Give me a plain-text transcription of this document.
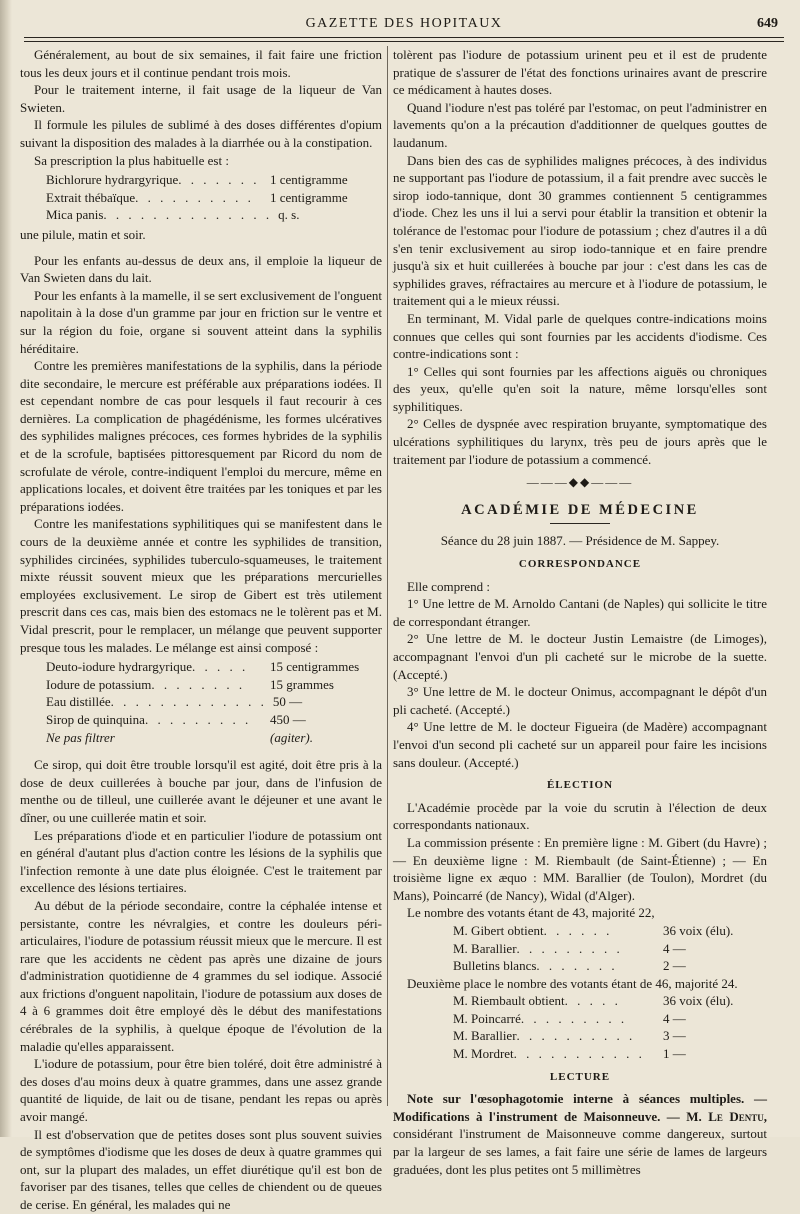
GAZETTE DES HOPITAUX	649

Généralement, au bout de six semaines, il fait faire une friction tous les deux jours et il continue pendant trois mois.

Pour le traitement interne, il fait usage de la liqueur de Van Swieten.

Il formule les pilules de sublimé à des doses différentes d'opium suivant la disposition des malades à la diarrhée ou à la constipation.

Sa prescription la plus habituelle est :

Bichlorure hydrargyrique . . . . . . . 1 centigramme
Extrait thébaïque . . . . . . . . . .	1 centigramme
Mica panis . . . . . . . . . . . . . . q. s.

une pilule, matin et soir.

Pour les enfants au-dessus de deux ans, il emploie la liqueur de Van Swieten dans du lait.

Pour les enfants à la mamelle, il se sert exclusivement de l'onguent napolitain à la dose d'un gramme par jour en friction sur le ventre et sur la région du foie, organe si souvent atteint dans la syphilis héréditaire.

Contre les premières manifestations de la syphilis, dans la période dite secondaire, le mercure est préférable aux préparations iodées. Il est cependant nombre de cas pour lesquels il faut recourir à ces dernières. La complication de phagédénisme, les formes ulcératives des syphilides malignes précoces, ces formes hybrides de la syphilis et de la scrofule, baptisées pittoresquement par Ricord du nom de scrofulate de vérole, contre-indiquent l'emploi du mercure, même en applications locales, et doivent être traitées par les toniques et par les préparations iodées.

Contre les manifestations syphilitiques qui se manifestent dans le cours de la deuxième année et contre les syphilides de transition, syphilides circinées, syphilides tuberculo-squameuses, le traitement mixte réussit souvent mieux que les préparations mercurielles employées exclusivement. Le sirop de Gibert est très utilement prescrit dans ces cas, mais bien des estomacs ne le tolèrent pas et M. Vidal prescrit, pour le remplacer, un mélange que peuvent supporter presque tous les malades. Le mélange est ainsi composé :

Deuto-iodure hydrargyrique . . . . .	15 centigrammes
Iodure de potassium . . . . . . . .	15 grammes
Eau distillée . . . . . . . . . . . . . 50 —
Sirop de quinquina . . . . . . . . .	450 —
Ne pas filtrer	(agiter).

Ce sirop, qui doit être trouble lorsqu'il est agité, doit être pris à la dose de deux cuillerées à bouche par jour, dans de l'infusion de menthe ou de tilleul, une cuillerée avant le déjeuner et une avant le dîner, ou une cuillerée matin et soir.

Les préparations d'iode et en particulier l'iodure de potassium ont en général d'autant plus d'action contre les lésions de la syphilis que l'infection remonte à une date plus éloignée. C'est le traitement par excellence des lésions tertiaires.

Au début de la période secondaire, contre la céphalée intense et persistante, contre les névralgies, et contre les douleurs péri-articulaires, l'iodure de potassium réussit mieux que le mercure. Il est rare que les accidents ne cèdent pas après une dizaine de jours d'administration quotidienne de 4 grammes du sel iodique. Associé aux frictions d'onguent napolitain, l'iodure de potassium aux doses de 4 à 6 grammes doit être employé dès le début des manifestations cérébrales de la syphilis, à quelque époque de l'évolution de la maladie qu'elles apparaissent.

L'iodure de potassium, pour être bien toléré, doit être administré à des doses d'au moins deux à quatre grammes, dans une assez grande quantité de liquide, de lait ou de tisane, pendant les repas ou après avoir mangé.

Il est d'observation que de petites doses sont plus souvent suivies de symptômes d'iodisme que les doses de deux à quatre grammes qui ont, sur la plupart des malades, un effet diurétique qu'il est bon de favoriser par des tisanes, telles que celles de chiendent ou de queues de cerise. En général, les malades qui ne

tolèrent pas l'iodure de potassium urinent peu et il est de prudente pratique de s'assurer de l'état des fonctions urinaires avant de prescrire ce médicament à hautes doses.

Quand l'iodure n'est pas toléré par l'estomac, on peut l'administrer en lavements qu'on a la précaution d'additionner de quelques gouttes de laudanum.

Dans bien des cas de syphilides malignes précoces, à des individus ne supportant pas l'iodure de potassium, il a fait prendre avec succès le sirop iodo-tannique, dont 30 grammes contiennent 5 centigrammes d'iode. Chez les uns il lui a servi pour établir la transition et obtenir la tolérance de l'estomac pour l'iodure de potassium ; chez d'autres il a dû s'en tenir exclusivement au sirop iodo-tannique et en faire prendre jusqu'à six et huit cuillerées à bouche par jour : c'est dans les cas de syphilides graves, réfractaires au mercure et à l'iodure de potassium, le traitement qui a le mieux réussi.

En terminant, M. Vidal parle de quelques contre-indications moins connues que celles qui sont fournies par les accidents d'iodisme. Ces contre-indications sont :

1° Celles qui sont fournies par les affections aiguës ou chroniques des yeux, qu'elle qu'en soit la nature, même lorsqu'elles sont syphilitiques.

2° Celles de dyspnée avec respiration bruyante, symptomatique des ulcérations syphilitiques du larynx, très peu de jours après que le traitement par l'iodure de potassium a commencé.

———◆◆———
ACADÉMIE DE MÉDECINE
Séance du 28 juin 1887. — Présidence de M. Sappey.
CORRESPONDANCE

Elle comprend :

1° Une lettre de M. Arnoldo Cantani (de Naples) qui sollicite le titre de correspondant étranger.

2° Une lettre de M. le docteur Justin Lemaistre (de Limoges), accompagnant l'envoi d'un pli cacheté sur le microbe de la suette. (Accepté.)

3° Une lettre de M. le docteur Onimus, accompagnant le dépôt d'un pli cacheté. (Accepté.)

4° Une lettre de M. le docteur Figueira (de Madère) accompagnant l'envoi d'un second pli cacheté sur un appareil pour faire les incisions sans douleur. (Accepté.)

ÉLECTION

L'Académie procède par la voie du scrutin à l'élection de deux correspondants nationaux.

La commission présente : En première ligne : M. Gibert (du Havre) ; — En deuxième ligne : M. Riembault (de Saint-Étienne) ; — En troisième ligne ex æquo : MM. Barallier (de Toulon), Mordret (du Mans), Poincarré (de Nancy), Widal (d'Alger).

Le nombre des votants étant de 43, majorité 22,

M. Gibert obtient . . . . . .	36 voix (élu).
M. Barallier . . . . . . . . .	4 —
Bulletins blancs . . . . . . .	2 —

Deuxième place le nombre des votants étant de 46, majorité 24.

M. Riembault obtient . . . . .	36 voix (élu).
M. Poincarré . . . . . . . . .	4 —
M. Barallier . . . . . . . . . .	3 —
M. Mordret . . . . . . . . . . .	1 —
LECTURE

Note sur l'œsophagotomie interne à séances multiples. — Modifications à l'instrument de Maisonneuve. — M. Le Dentu, considérant l'instrument de Maisonneuve comme dangereux, surtout par la largeur de ses lames, a fait faire une série de lames de largeurs graduées, dont les plus petites ont 5 millimètres
